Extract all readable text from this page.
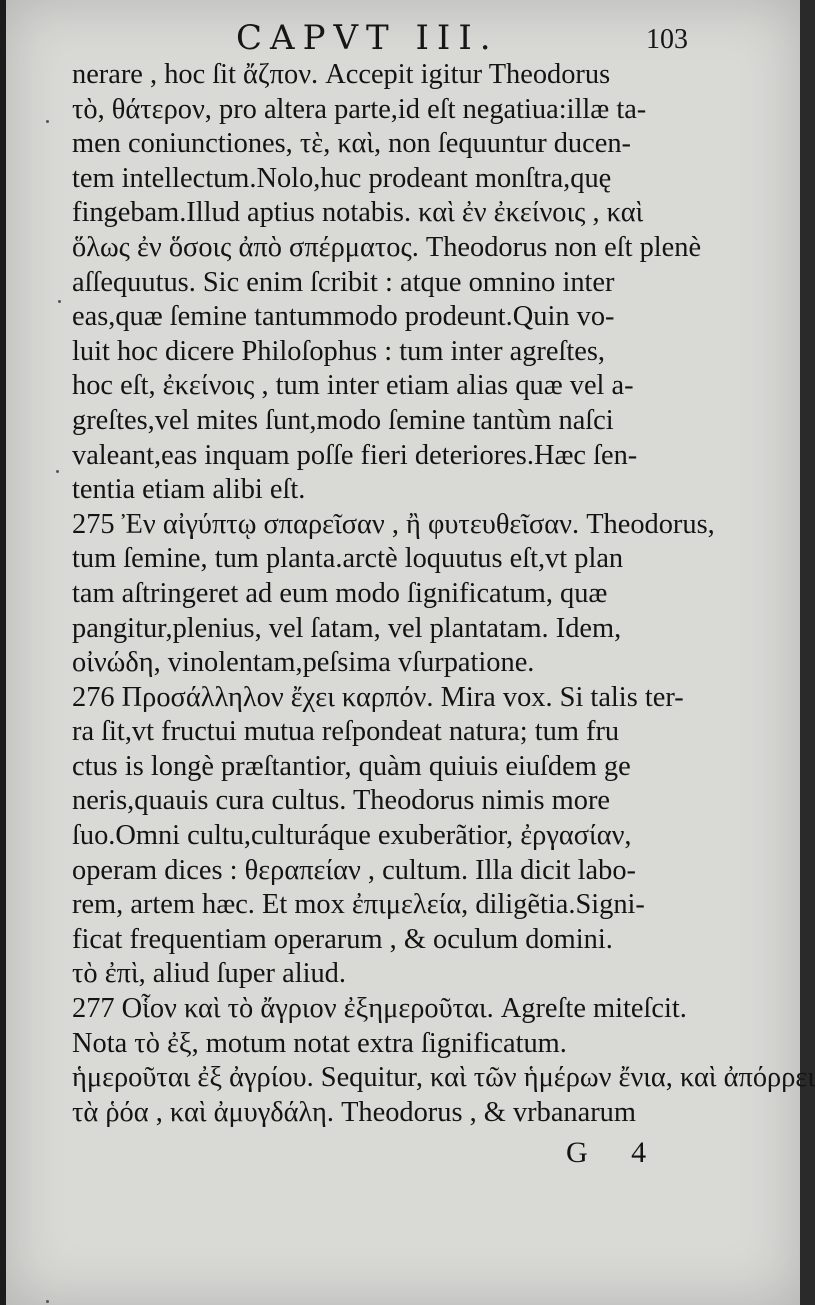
CAPVT III.	103
nerare , hoc ſit ἄζπον. Accepit igitur Theodorus
τὸ, θάτερον, pro altera parte,id eſt negatiua:illæ ta-
men coniunctiones, τὲ, καὶ, non ſequuntur ducen-
tem intellectum.Nolo,huc prodeant monſtra,quę
fingebam.Illud aptius notabis. καὶ ἐν ἐκείνοις , καὶ
ὅλως ἐν ὅσοις ἀπὸ σπέρματος. Theodorus non eſt plenè
aſſequutus. Sic enim ſcribit : atque omnino inter
eas,quæ ſemine tantummodo prodeunt.Quin vo-
luit hoc dicere Philoſophus : tum inter agreſtes,
hoc eſt, ἐκείνοις , tum inter etiam alias quæ vel a-
greſtes,vel mites ſunt,modo ſemine tantùm naſci
valeant,eas inquam poſſe fieri deteriores.Hæc ſen-
tentia etiam alibi eſt.
275 Ἐν αἰγύπτῳ σπαρεῖσαν , ἢ φυτευθεῖσαν. Theodorus,
tum ſemine, tum planta.arctè loquutus eſt,vt plan
tam aſtringeret ad eum modo ſignificatum, quæ
pangitur,plenius, vel ſatam, vel plantatam. Idem,
οἰνώδη, vinolentam,peſsima vſurpatione.
276 Προσάλληλον ἔχει καρπόν. Mira vox. Si talis ter-
ra ſit,vt fructui mutua reſpondeat natura; tum fru
ctus is longè præſtantior, quàm quiuis eiuſdem ge
neris,quauis cura cultus. Theodorus nimis more
ſuo.Omni cultu,culturáque exuberãtior, ἐργασίαν,
operam dices : θεραπείαν , cultum. Illa dicit labo-
rem, artem hæc. Et mox ἐπιμελεία, diligẽtia.Signi-
ficat frequentiam operarum , & oculum domini.
τὸ ἐπὶ, aliud ſuper aliud.
277 Οἷον καὶ τὸ ἄγριον ἐξημεροῦται. Agreſte miteſcit.
Nota τὸ ἐξ, motum notat extra ſignificatum.
ἡμεροῦται ἐξ ἀγρίου. Sequitur, καὶ τῶν ἡμέρων ἔνια, καὶ ἀπόρρει
τὰ ῥόα , καὶ ἀμυγδάλη. Theodorus , & vrbanarum
G 4
